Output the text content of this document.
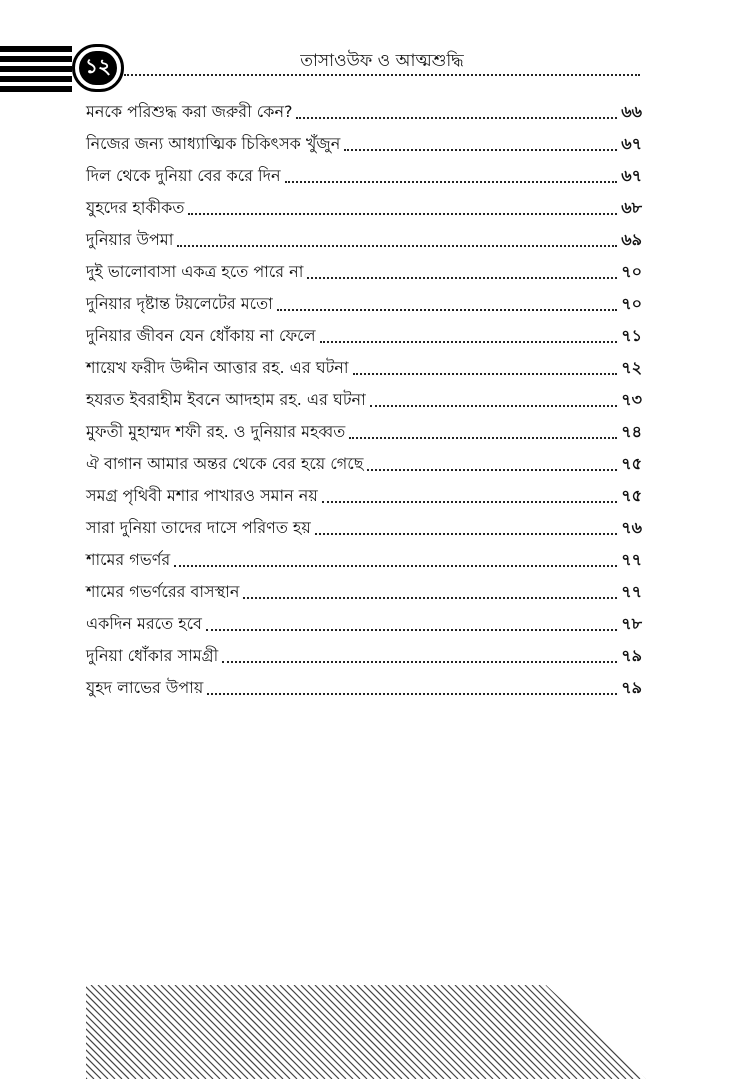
১২	তাসাওউফ ও আত্মশুদ্ধি
মনকে পরিশুদ্ধ করা জরুরী কেন?	৬৬
নিজের জন্য আধ্যাত্মিক চিকিৎসক খুঁজুন	৬৭
দিল থেকে দুনিয়া বের করে দিন	৬৭
যুহদের হাকীকত	৬৮
দুনিয়ার উপমা	৬৯
দুই ভালোবাসা একত্র হতে পারে না	৭০
দুনিয়ার দৃষ্টান্ত টয়লেটের মতো	৭০
দুনিয়ার জীবন যেন ধোঁকায় না ফেলে	৭১
শায়েখ ফরীদ উদ্দীন আত্তার রহ. এর ঘটনা	৭২
হযরত ইবরাহীম ইবনে আদহাম রহ. এর ঘটনা	৭৩
মুফতী মুহাম্মদ শফী রহ. ও দুনিয়ার মহব্বত	৭৪
ঐ বাগান আমার অন্তর থেকে বের হয়ে গেছে	৭৫
সমগ্র পৃথিবী মশার পাখারও সমান নয়	৭৫
সারা দুনিয়া তাদের দাসে পরিণত হয়	৭৬
শামের গভর্ণর	৭৭
শামের গভর্ণরের বাসস্থান	৭৭
একদিন মরতে হবে	৭৮
দুনিয়া ধোঁকার সামগ্রী	৭৯
যুহদ লাভের উপায়	৭৯
